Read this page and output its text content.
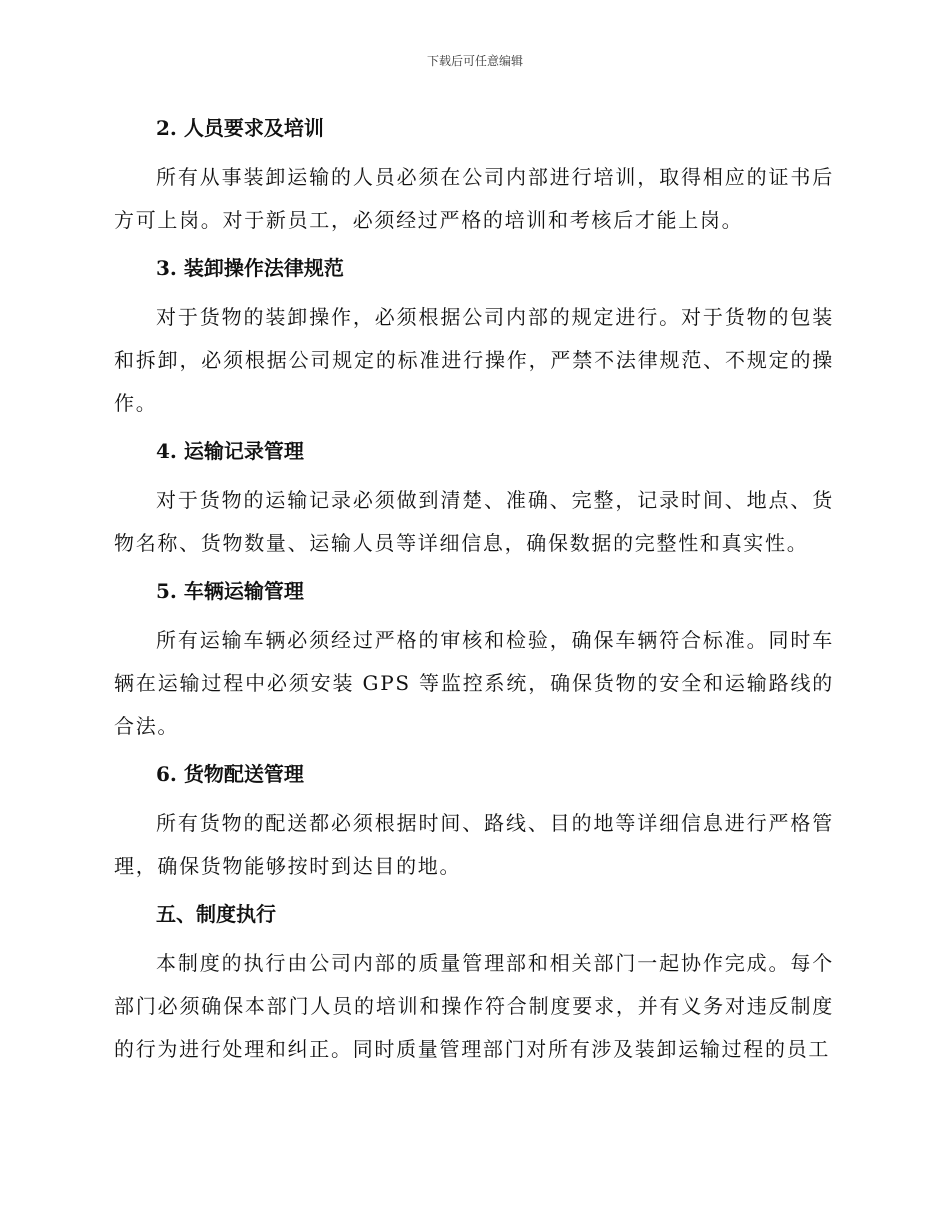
下载后可任意编辑
2. 人员要求及培训
所有从事装卸运输的人员必须在公司内部进行培训，取得相应的证书后方可上岗。对于新员工，必须经过严格的培训和考核后才能上岗。
3. 装卸操作法律规范
对于货物的装卸操作，必须根据公司内部的规定进行。对于货物的包装和拆卸，必须根据公司规定的标准进行操作，严禁不法律规范、不规定的操作。
4. 运输记录管理
对于货物的运输记录必须做到清楚、准确、完整，记录时间、地点、货物名称、货物数量、运输人员等详细信息，确保数据的完整性和真实性。
5. 车辆运输管理
所有运输车辆必须经过严格的审核和检验，确保车辆符合标准。同时车辆在运输过程中必须安装 GPS 等监控系统，确保货物的安全和运输路线的合法。
6. 货物配送管理
所有货物的配送都必须根据时间、路线、目的地等详细信息进行严格管理，确保货物能够按时到达目的地。
五、制度执行
本制度的执行由公司内部的质量管理部和相关部门一起协作完成。每个部门必须确保本部门人员的培训和操作符合制度要求，并有义务对违反制度的行为进行处理和纠正。同时质量管理部门对所有涉及装卸运输过程的员工
